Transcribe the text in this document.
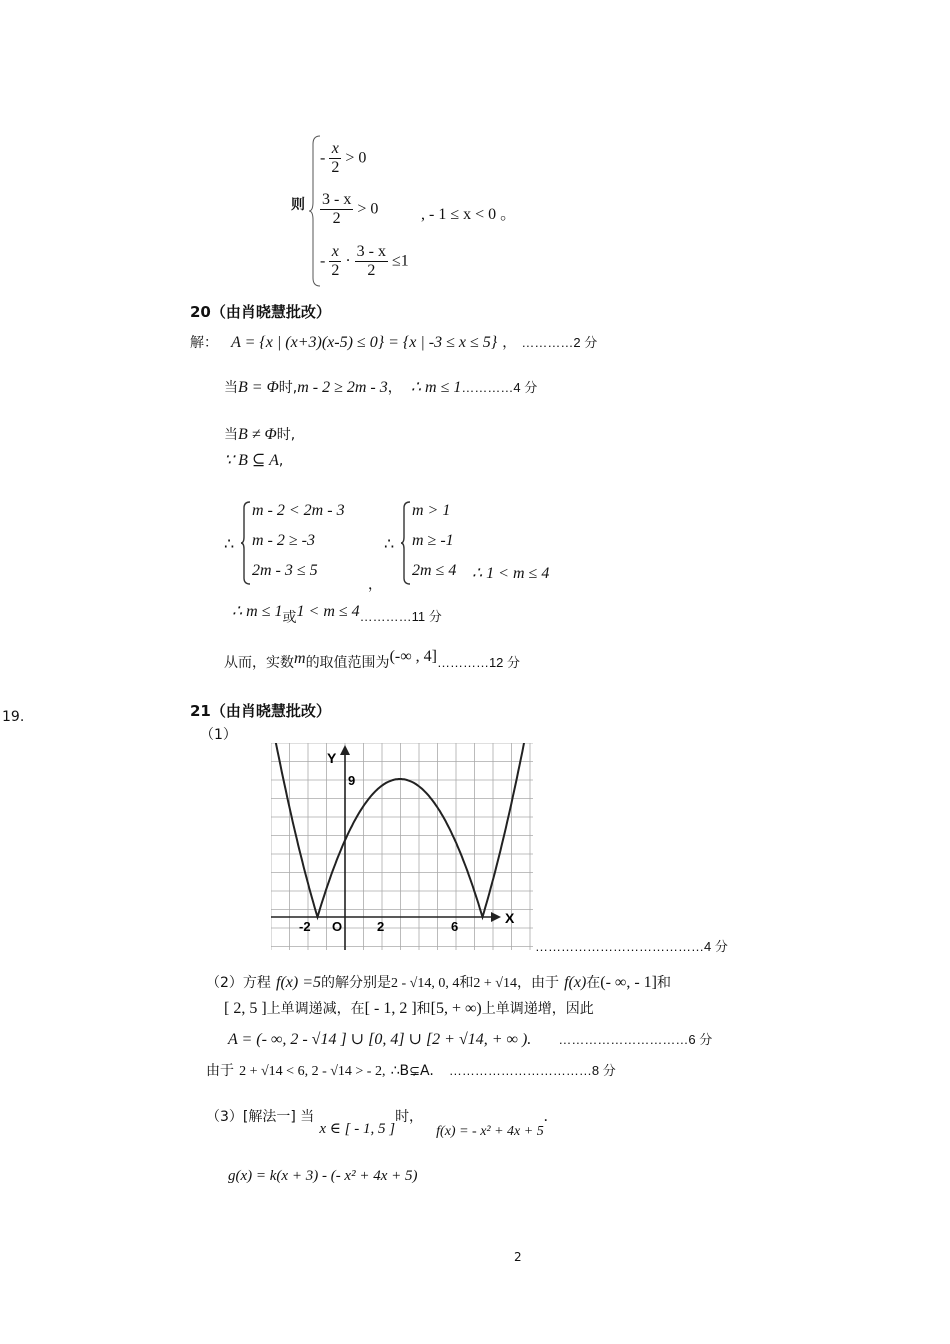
19.
则
- $\frac{x}{2} > 0$
$\frac{3 - x}{2} > 0$
- $\frac{x}{2} \cdot \frac{3 - x}{2} \le 1$
, - 1 ≤ x < 0 。
20（由肖晓慧批改）
解： A = {x | (x+3)(x-5) ≤ 0} = {x | -3 ≤ x ≤ 5} ， …………2 分
当B = Φ时,m - 2 ≥ 2m - 3， ∴ m ≤ 1…………4 分
当B ≠ Φ时,
∵ B ⊆ A,
∴
m - 2 < 2m - 3
m - 2 ≥ -3
2m - 3 ≤ 5
，
∴
m > 1
m ≥ -1
2m ≤ 4 ∴ 1 < m ≤ 4
∴ m ≤ 1或$1 < m \le 4_{\dots\dots\dots\dots 11 分}$
从而，实数m的取值范围为(-∞ , 4]…………12 分
21（由肖晓慧批改）
（1）
Y
X
9
-2 O	2	6
…………………………………4 分
（2）方程 f(x) =5的解分别是2 - √14, 0, 4和2 + √14，由于 f(x)在(- ∞, - 1]和
[ 2, 5 ]上单调递减，在[ - 1, 2 ]和[5, + ∞)上单调递增，因此
A = (- ∞, 2 - √14 ] ∪ [0, 4] ∪ [2 + √14, + ∞ ). …………………………6 分
由于 2 + √14 < 6, 2 - √14 > - 2, ∴B⊊A. ……………………………8 分
（3）[解法一] 当 x ∈ [ - 1, 5 ]时， f(x) = - x² + 4x + 5.
g(x) = k(x + 3) - (- x² + 4x + 5)
2
